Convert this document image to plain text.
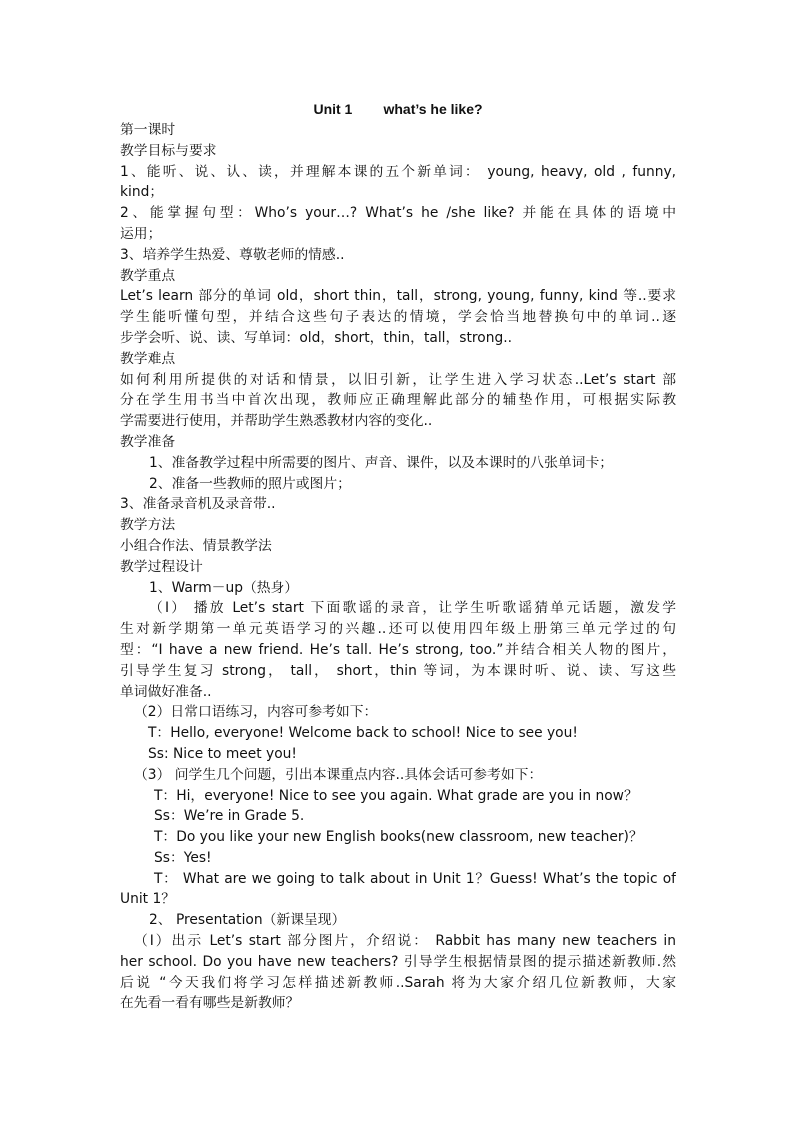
Unit 1        what’s he like?
第一课时
教学目标与要求
1、能听、说、认、读，并理解本课的五个新单词： young, heavy, old , funny,
kind；
2、能掌握句型：Who’s your…? What’s he /she like? 并能在具体的语境中
运用；
3、培养学生热爱、尊敬老师的情感..
教学重点
Let’s learn 部分的单词 old，short thin，tall，strong, young, funny, kind 等..要求
学生能听懂句型，并结合这些句子表达的情境，学会恰当地替换句中的单词..逐
步学会听、说、读、写单词：old，short，thin，tall，strong..
教学难点
如何利用所提供的对话和情景，以旧引新，让学生进入学习状态..Let’s start 部
分在学生用书当中首次出现，教师应正确理解此部分的辅垫作用，可根据实际教
学需要进行使用，并帮助学生熟悉教材内容的变化..
教学准备
1、准备教学过程中所需要的图片、声音、课件，以及本课时的八张单词卡；
2、准备一些教师的照片或图片；
3、准备录音机及录音带..
教学方法
小组合作法、情景教学法
教学过程设计
1、Warm－up（热身）
（I） 播放 Let’s start 下面歌谣的录音，让学生听歌谣猜单元话题，激发学
生对新学期第一单元英语学习的兴趣..还可以使用四年级上册第三单元学过的句
型：“I have a new friend. He’s tall. He’s strong, too.”并结合相关人物的图片，
引导学生复习 strong， tall， short，thin 等词，为本课时听、说、读、写这些
单词做好准备..
（2）日常口语练习，内容可参考如下：
T：Hello, everyone! Welcome back to school! Nice to see you!
Ss: Nice to meet you!
（3） 问学生几个问题，引出本课重点内容..具体会话可参考如下：
T：Hi，everyone! Nice to see you again. What grade are you in now？
Ss：We’re in Grade 5.
T：Do you like your new English books(new classroom, new teacher)？
Ss：Yes!
T： What are we going to talk about in Unit 1？Guess! What’s the topic of
Unit 1？
2、 Presentation（新课呈现）
（I）出示 Let’s start 部分图片，介绍说： Rabbit has many new teachers in
her school. Do you have new teachers? 引导学生根据情景图的提示描述新教师.然
后说 “今天我们将学习怎样描述新教师..Sarah 将为大家介绍几位新教师，大家
在先看一看有哪些是新教师？
